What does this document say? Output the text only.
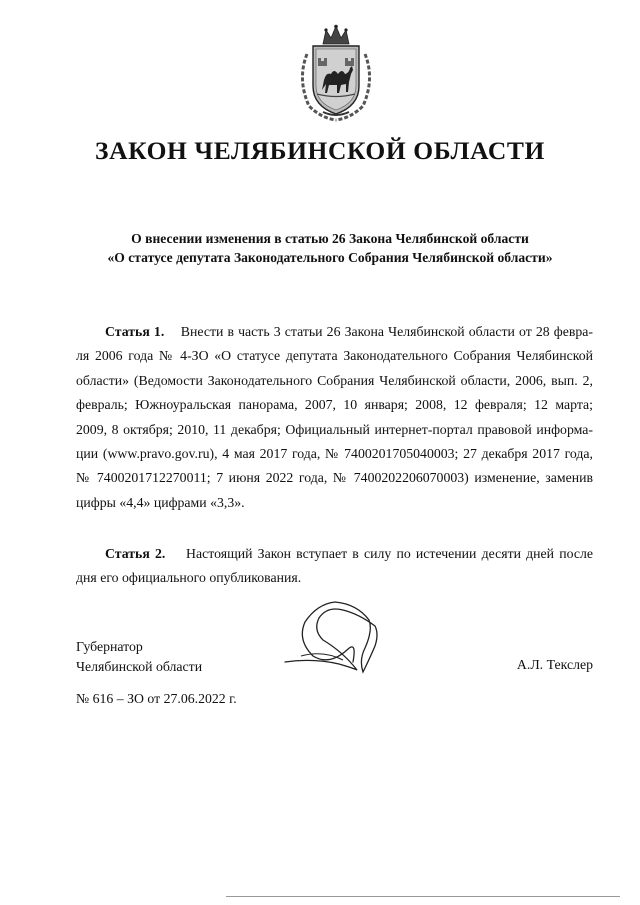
ЗАКОН ЧЕЛЯБИНСКОЙ ОБЛАСТИ
О внесении изменения в статью 26 Закона Челябинской области
«О статусе депутата Законодательного Собрания Челябинской области»
Статья 1. Внести в часть 3 статьи 26 Закона Челябинской области от 28 февра-
ля 2006 года № 4-ЗО «О статусе депутата Законодательного Собрания Челябинской
области» (Ведомости Законодательного Собрания Челябинской области, 2006, вып. 2,
февраль; Южноуральская панорама, 2007, 10 января; 2008, 12 февраля; 12 марта;
2009, 8 октября; 2010, 11 декабря; Официальный интернет-портал правовой информа-
ции (www.pravo.gov.ru), 4 мая 2017 года, № 7400201705040003; 27 декабря 2017 года,
№ 7400201712270011; 7 июня 2022 года, № 7400202206070003) изменение, заменив
цифры «4,4» цифрами «3,3».
Статья 2. Настоящий Закон вступает в силу по истечении десяти дней после
дня его официального опубликования.
Губернатор
Челябинской области	А.Л. Текслер
№ 616 – ЗО от 27.06.2022 г.
